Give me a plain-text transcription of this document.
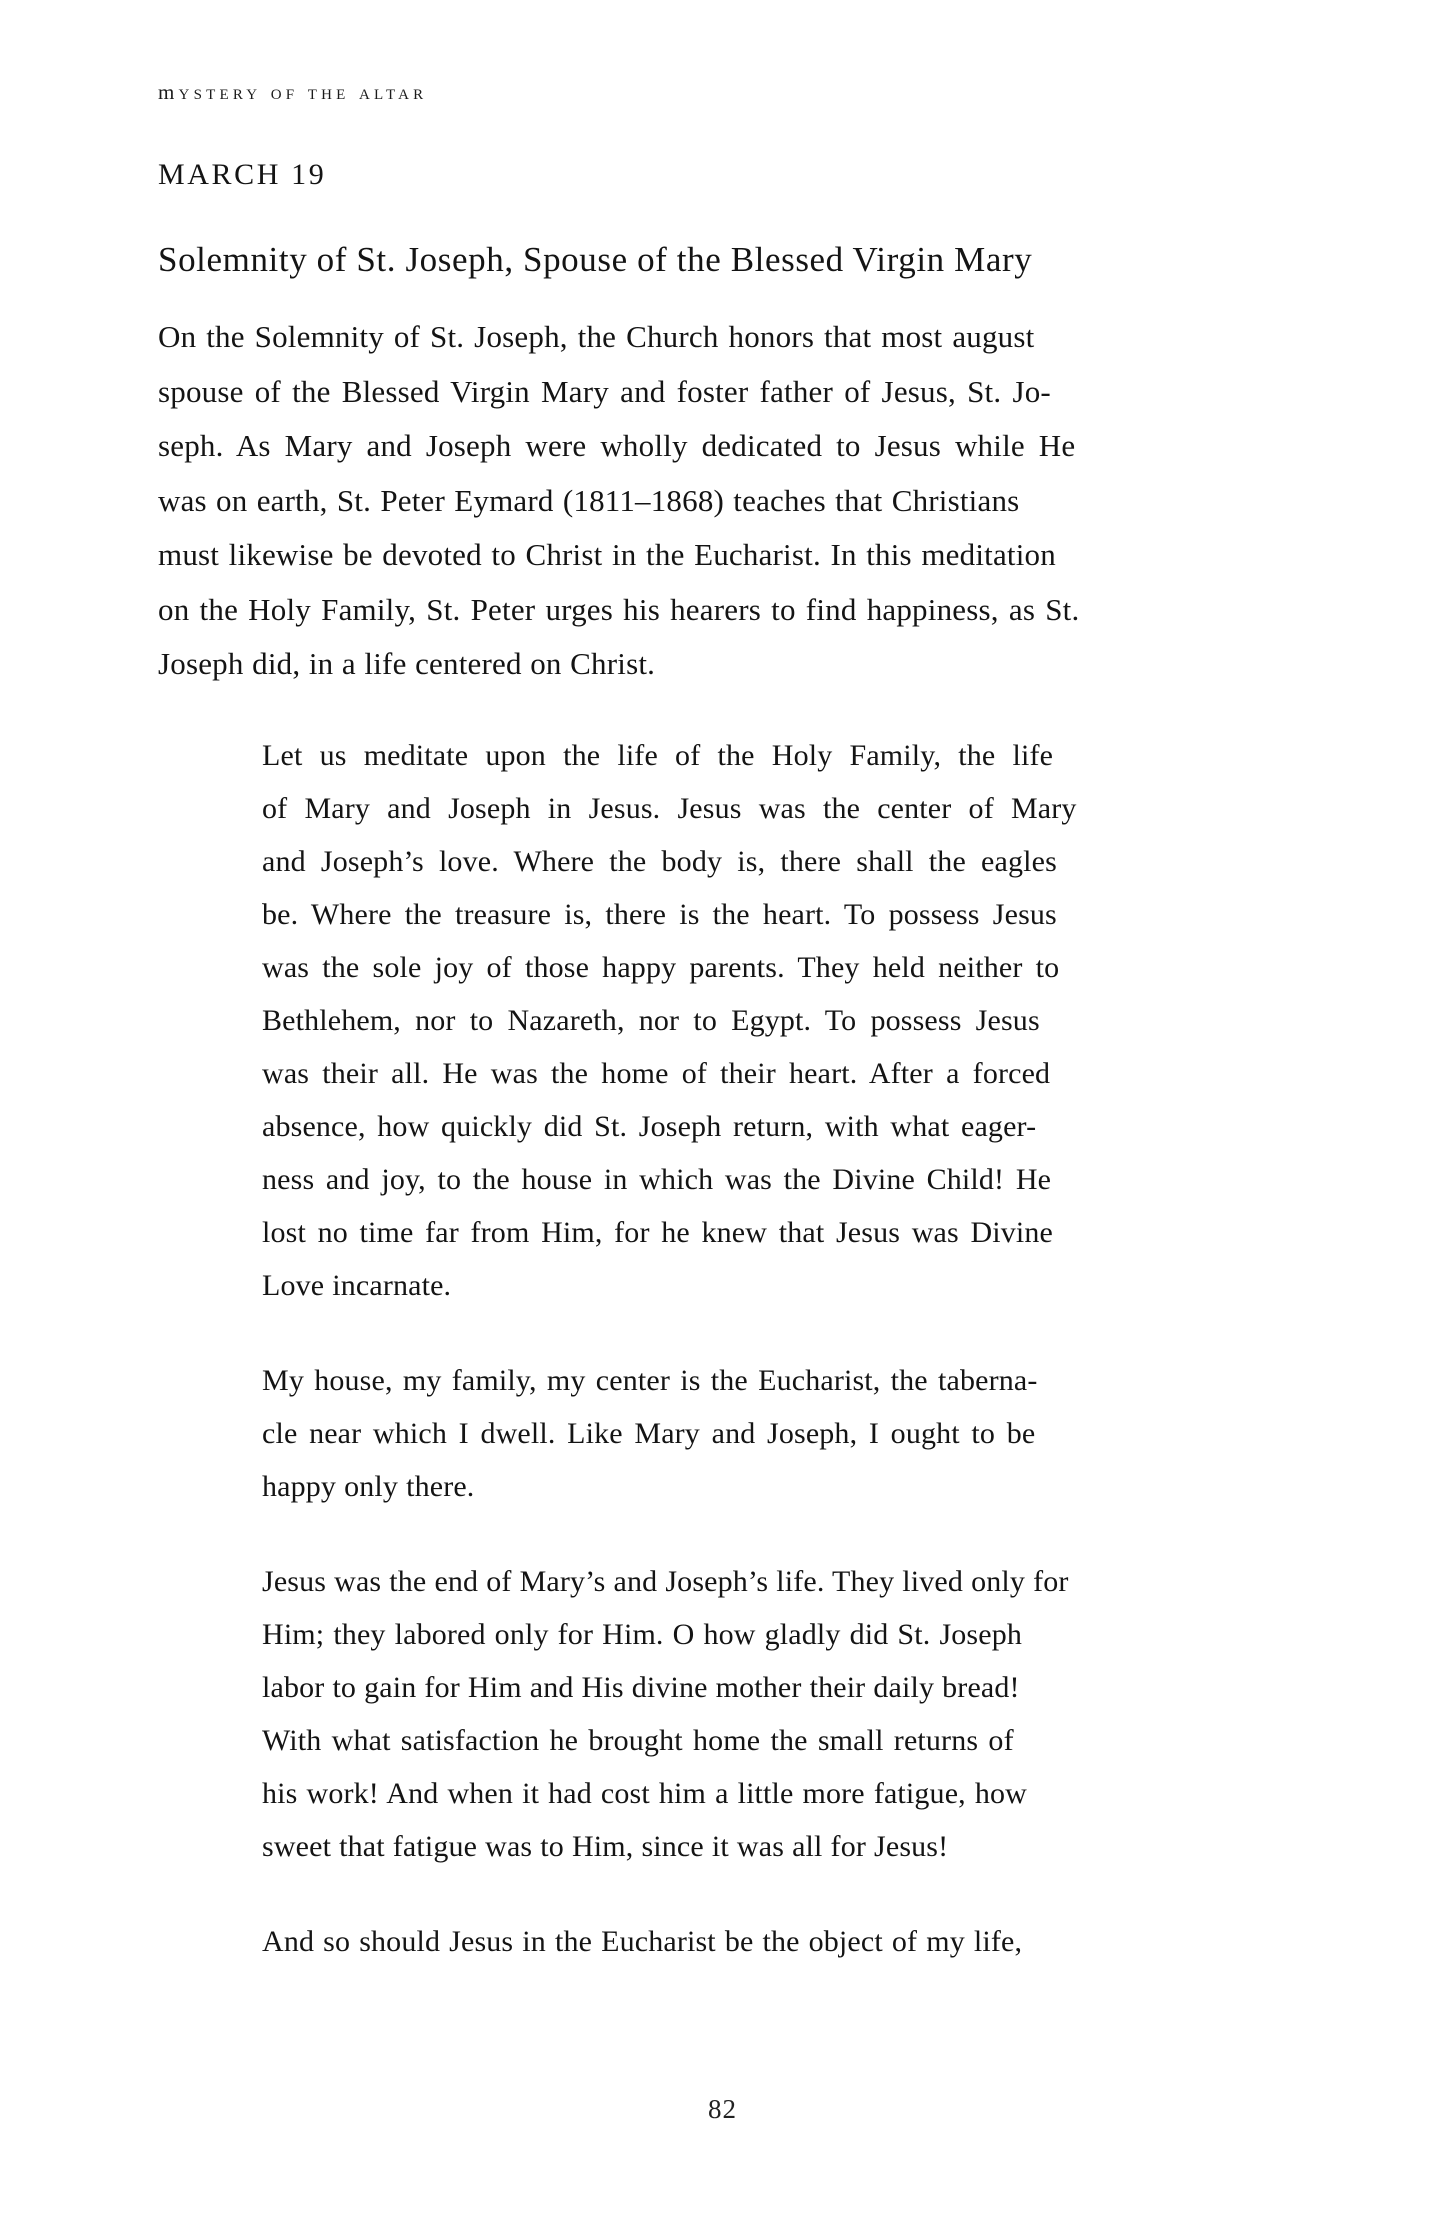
mystery of the altar
MARCH 19
Solemnity of St. Joseph, Spouse of the Blessed Virgin Mary
On the Solemnity of St. Joseph, the Church honors that most august
spouse of the Blessed Virgin Mary and foster father of Jesus, St. Jo-
seph. As Mary and Joseph were wholly dedicated to Jesus while He
was on earth, St. Peter Eymard (1811–1868) teaches that Christians
must likewise be devoted to Christ in the Eucharist. In this meditation
on the Holy Family, St. Peter urges his hearers to find happiness, as St.
Joseph did, in a life centered on Christ.
Let us meditate upon the life of the Holy Family, the life
of Mary and Joseph in Jesus. Jesus was the center of Mary
and Joseph’s love. Where the body is, there shall the eagles
be. Where the treasure is, there is the heart. To possess Jesus
was the sole joy of those happy parents. They held neither to
Bethlehem, nor to Nazareth, nor to Egypt. To possess Jesus
was their all. He was the home of their heart. After a forced
absence, how quickly did St. Joseph return, with what eager-
ness and joy, to the house in which was the Divine Child! He
lost no time far from Him, for he knew that Jesus was Divine
Love incarnate.
My house, my family, my center is the Eucharist, the taberna-
cle near which I dwell. Like Mary and Joseph, I ought to be
happy only there.
Jesus was the end of Mary’s and Joseph’s life. They lived only for
Him; they labored only for Him. O how gladly did St. Joseph
labor to gain for Him and His divine mother their daily bread!
With what satisfaction he brought home the small returns of
his work! And when it had cost him a little more fatigue, how
sweet that fatigue was to Him, since it was all for Jesus!
And so should Jesus in the Eucharist be the object of my life,
82
